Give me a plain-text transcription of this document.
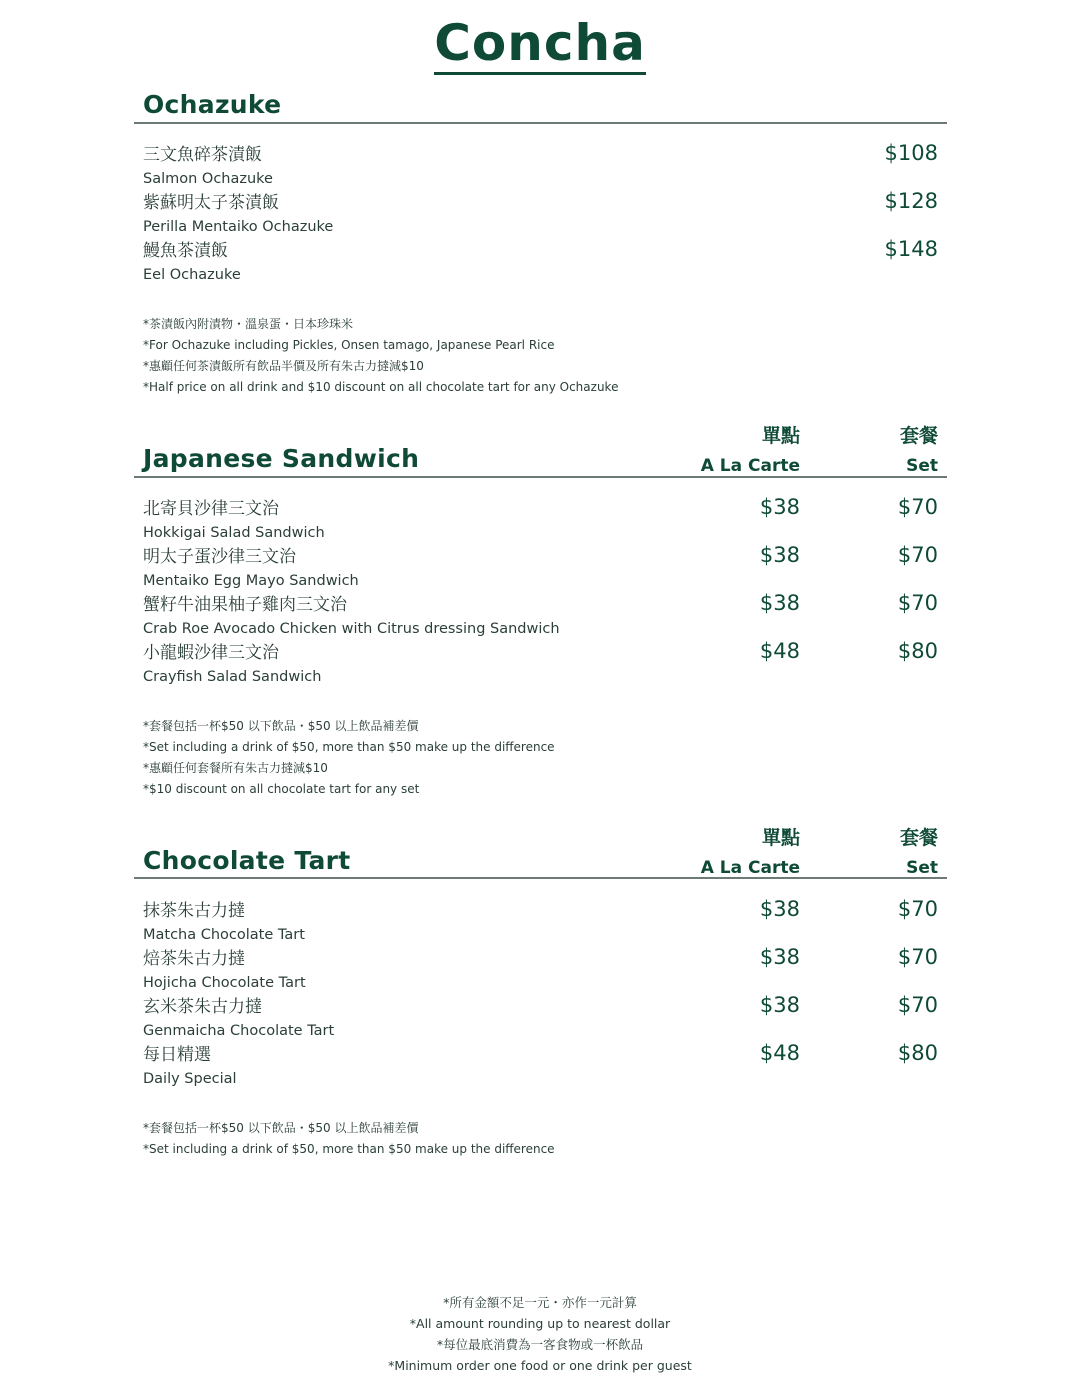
Concha
Ochazuke
三文魚碎茶漬飯
Salmon Ochazuke
$108
紫蘇明太子茶漬飯
Perilla Mentaiko Ochazuke
$128
鰻魚茶漬飯
Eel Ochazuke
$148
*茶漬飯內附漬物・溫泉蛋・日本珍珠米
*For Ochazuke including Pickles, Onsen tamago, Japanese Pearl Rice
*惠顧任何茶漬飯所有飲品半價及所有朱古力撻減$10
*Half price on all drink and $10 discount on all chocolate tart for any Ochazuke
單點
A La Carte
套餐
Set
Japanese Sandwich
北寄貝沙律三文治
Hokkigai Salad Sandwich
$38	$70
明太子蛋沙律三文治
Mentaiko Egg Mayo Sandwich
$38	$70
蟹籽牛油果柚子雞肉三文治
Crab Roe Avocado Chicken with Citrus dressing Sandwich
$38	$70
小龍蝦沙律三文治
Crayfish Salad Sandwich
$48	$80
*套餐包括一杯$50 以下飲品・$50 以上飲品補差價
*Set including a drink of $50, more than $50 make up the difference
*惠顧任何套餐所有朱古力撻減$10
*$10 discount on all chocolate tart for any set
單點
A La Carte
套餐
Set
Chocolate Tart
抹茶朱古力撻
Matcha Chocolate Tart
$38	$70
焙茶朱古力撻
Hojicha Chocolate Tart
$38	$70
玄米茶朱古力撻
Genmaicha Chocolate Tart
$38	$70
每日精選
Daily Special
$48	$80
*套餐包括一杯$50 以下飲品・$50 以上飲品補差價
*Set including a drink of $50, more than $50 make up the difference
*所有金額不足一元・亦作一元計算
*All amount rounding up to nearest dollar
*每位最底消費為一客食物或一杯飲品
*Minimum order one food or one drink per guest
